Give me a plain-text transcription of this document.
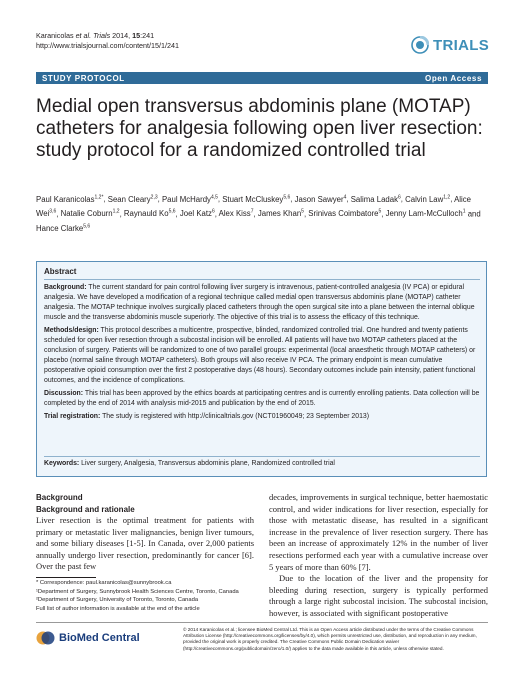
Karanicolas et al. Trials 2014, 15:241
http://www.trialsjournal.com/content/15/1/241	TRIALS
STUDY PROTOCOL	Open Access
Medial open transversus abdominis plane (MOTAP) catheters for analgesia following open liver resection: study protocol for a randomized controlled trial
Paul Karanicolas$^{1,2*}$, Sean Cleary$^{2,3}$, Paul McHardy$^{4,5}$, Stuart McCluskey$^{5,6}$, Jason Sawyer$^4$, Salima Ladak$^6$, Calvin Law$^{1,2}$, Alice Wei$^{3,6}$, Natalie Coburn$^{1,2}$, Raynauld Ko$^{5,6}$, Joel Katz$^6$, Alex Kiss$^7$, James Khan$^5$, Srinivas Coimbatore$^5$, Jenny Lam-McCulloch$^1$ and Hance Clarke$^{5,6}$
Abstract

Background: The current standard for pain control following liver surgery is intravenous, patient-controlled analgesia (IV PCA) or epidural analgesia. We have developed a modification of a regional technique called medial open transversus abdominis plane (MOTAP) catheter analgesia. The MOTAP technique involves surgically placed catheters through the open surgical site into a plane between the internal oblique muscle and the transverse abdominis muscle superiorly. The objective of this trial is to assess the efficacy of this technique.

Methods/design: This protocol describes a multicentre, prospective, blinded, randomized controlled trial. One hundred and twenty patients scheduled for open liver resection through a subcostal incision will be enrolled. All patients will have two MOTAP catheters placed at the conclusion of surgery. Patients will be randomized to one of two parallel groups: experimental (local anaesthetic through MOTAP catheters) or placebo (normal saline through MOTAP catheters). Both groups will also receive IV PCA. The primary endpoint is mean cumulative postoperative opioid consumption over the first 2 postoperative days (48 hours). Secondary outcomes include pain intensity, patient functional outcomes, and the incidence of complications.

Discussion: This trial has been approved by the ethics boards at participating centres and is currently enrolling patients. Data collection will be completed by the end of 2014 with analysis mid-2015 and publication by the end of 2015.

Trial registration: The study is registered with http://clinicaltrials.gov (NCT01960049; 23 September 2013)

Keywords: Liver surgery, Analgesia, Transversus abdominis plane, Randomized controlled trial
Background
Background and rationale

Liver resection is the optimal treatment for patients with primary or metastatic liver malignancies, benign liver tumours, and some biliary diseases [1-5]. In Canada, over 2,000 patients annually undergo liver resection, predominantly for cancer [6]. Over the past few

decades, improvements in surgical technique, better haemostatic control, and wider indications for liver resection, especially for those with metastatic disease, has resulted in a significant increase in the prevalence of liver resection surgery. There has been an increase of approximately 12% in the number of liver resections performed each year with a cumulative increase over 5 years of more than 60% [7].

Due to the location of the liver and the propensity for bleeding during resection, surgery is typically performed through a large right subcostal incision. The subcostal incision, however, is associated with significant postoperative

* Correspondence: paul.karanicolas@sunnybrook.ca
¹Department of Surgery, Sunnybrook Health Sciences Centre, Toronto, Canada
²Department of Surgery, University of Toronto, Toronto, Canada
Full list of author information is available at the end of the article
BioMed Central
© 2014 Karanicolas et al.; licensee BioMed Central Ltd. This is an Open Access article distributed under the terms of the Creative Commons Attribution License (http://creativecommons.org/licenses/by/4.0), which permits unrestricted use, distribution, and reproduction in any medium, provided the original work is properly credited. The Creative Commons Public Domain Dedication waiver (http://creativecommons.org/publicdomain/zero/1.0/) applies to the data made available in this article, unless otherwise stated.
